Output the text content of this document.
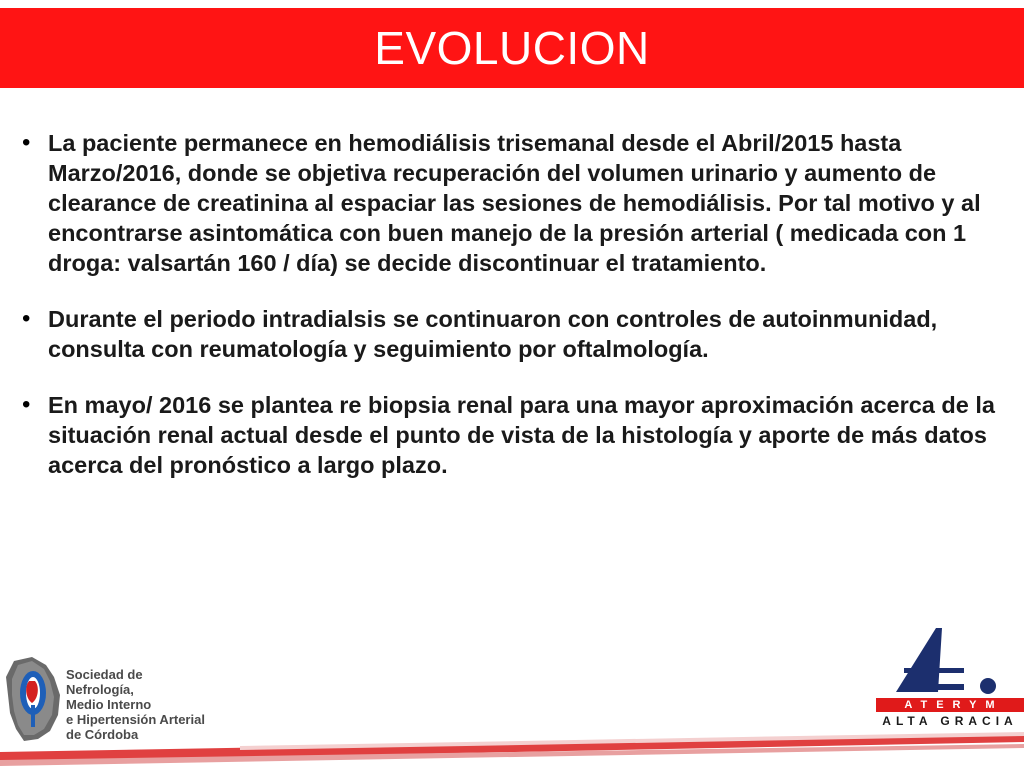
EVOLUCION
• La paciente permanece en hemodiálisis trisemanal desde el Abril/2015 hasta Marzo/2016, donde se objetiva recuperación del volumen urinario y aumento de clearance de creatinina al espaciar las sesiones de hemodiálisis. Por tal motivo y al encontrarse asintomática con buen manejo de la presión arterial ( medicada con 1 droga: valsartán 160 / día) se decide discontinuar el tratamiento.
• Durante el periodo intradialsis se continuaron con controles de autoinmunidad, consulta con reumatología y seguimiento por oftalmología.
• En mayo/ 2016 se plantea re biopsia renal para una mayor aproximación acerca de la situación renal actual desde el punto de vista de la histología y aporte de más datos acerca del pronóstico a largo plazo.
Sociedad de
Nefrología,
Medio Interno
e Hipertensión Arterial
de Córdoba
ATERYM
ALTA GRACIA
